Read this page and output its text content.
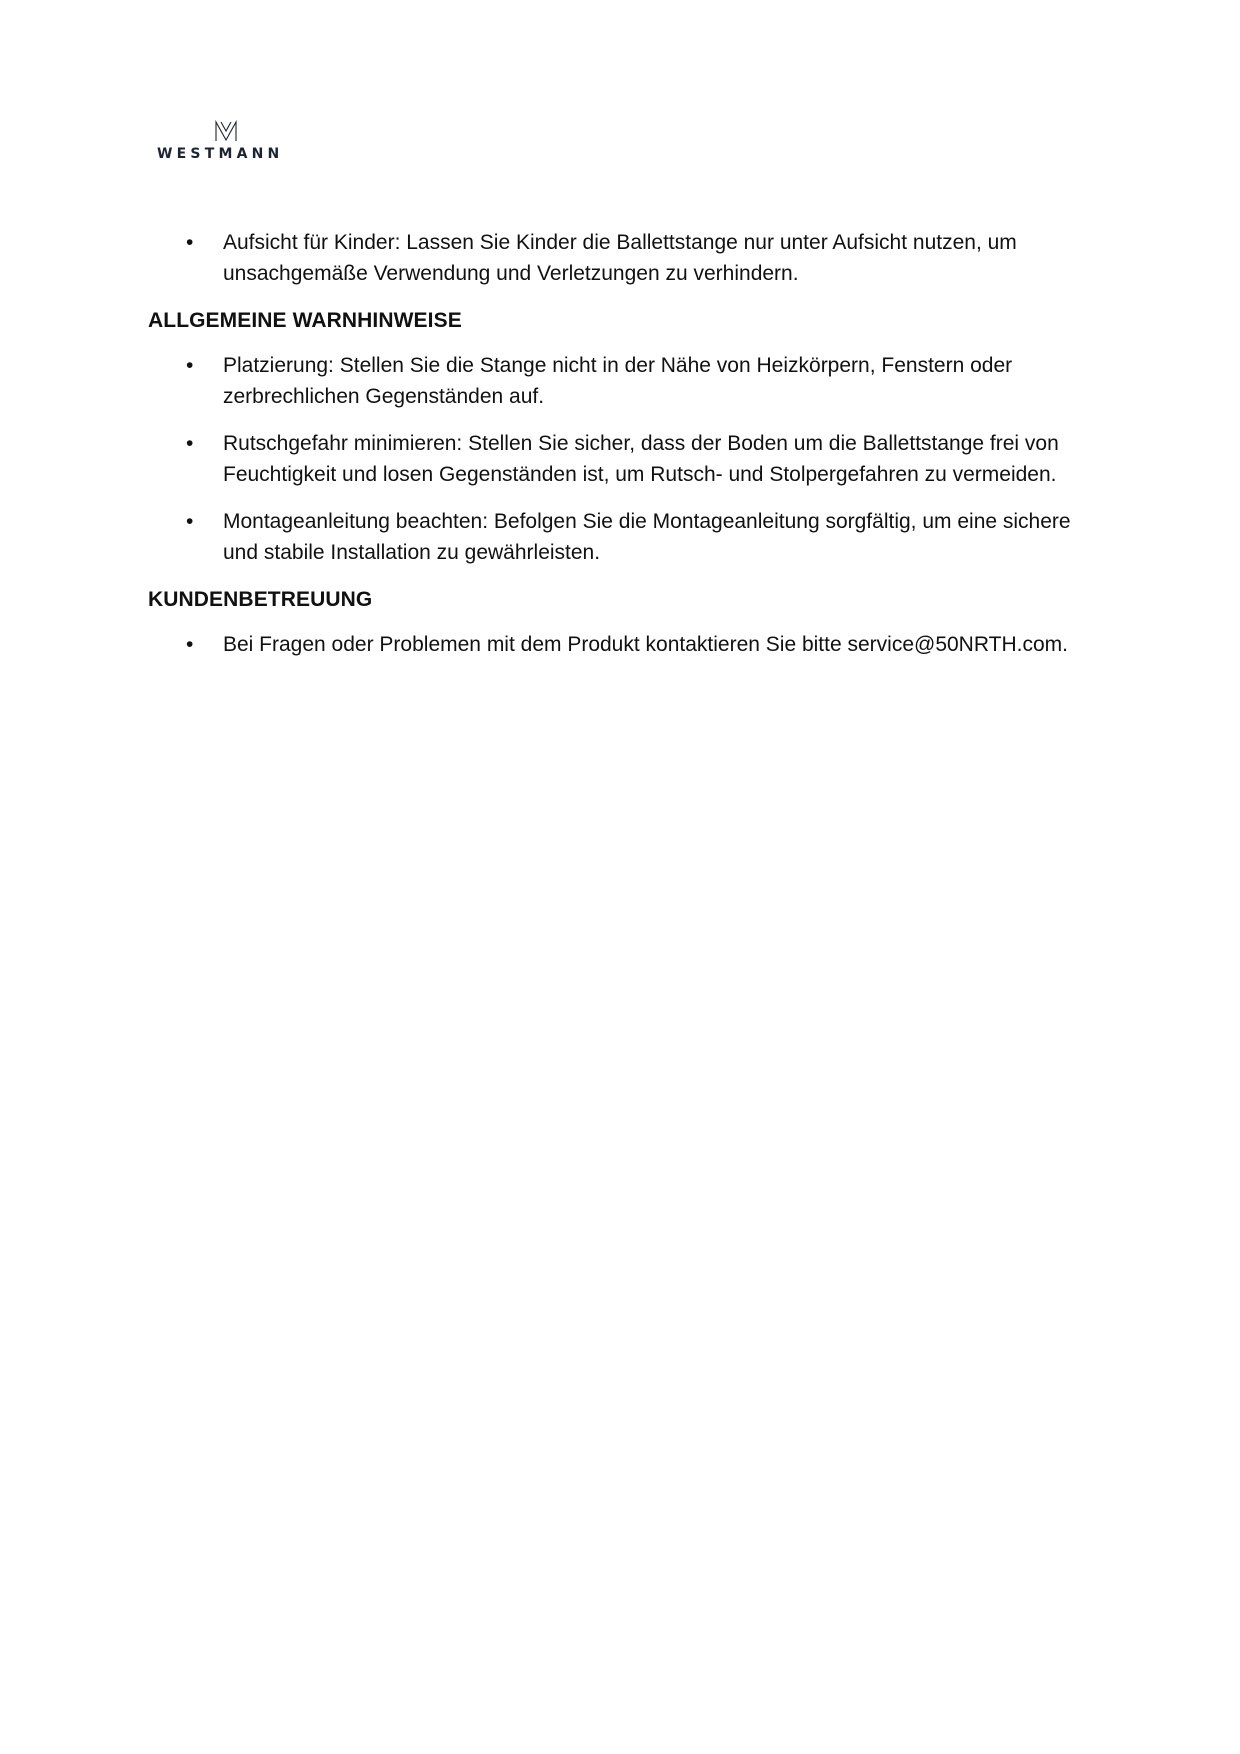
WESTMANN
• Aufsicht für Kinder: Lassen Sie Kinder die Ballettstange nur unter Aufsicht nutzen, um unsachgemäße Verwendung und Verletzungen zu verhindern.
ALLGEMEINE WARNHINWEISE
• Platzierung: Stellen Sie die Stange nicht in der Nähe von Heizkörpern, Fenstern oder zerbrechlichen Gegenständen auf.
• Rutschgefahr minimieren: Stellen Sie sicher, dass der Boden um die Ballettstange frei von Feuchtigkeit und losen Gegenständen ist, um Rutsch- und Stolpergefahren zu vermeiden.
• Montageanleitung beachten: Befolgen Sie die Montageanleitung sorgfältig, um eine sichere und stabile Installation zu gewährleisten.
KUNDENBETREUUNG
• Bei Fragen oder Problemen mit dem Produkt kontaktieren Sie bitte service@50NRTH.com.
